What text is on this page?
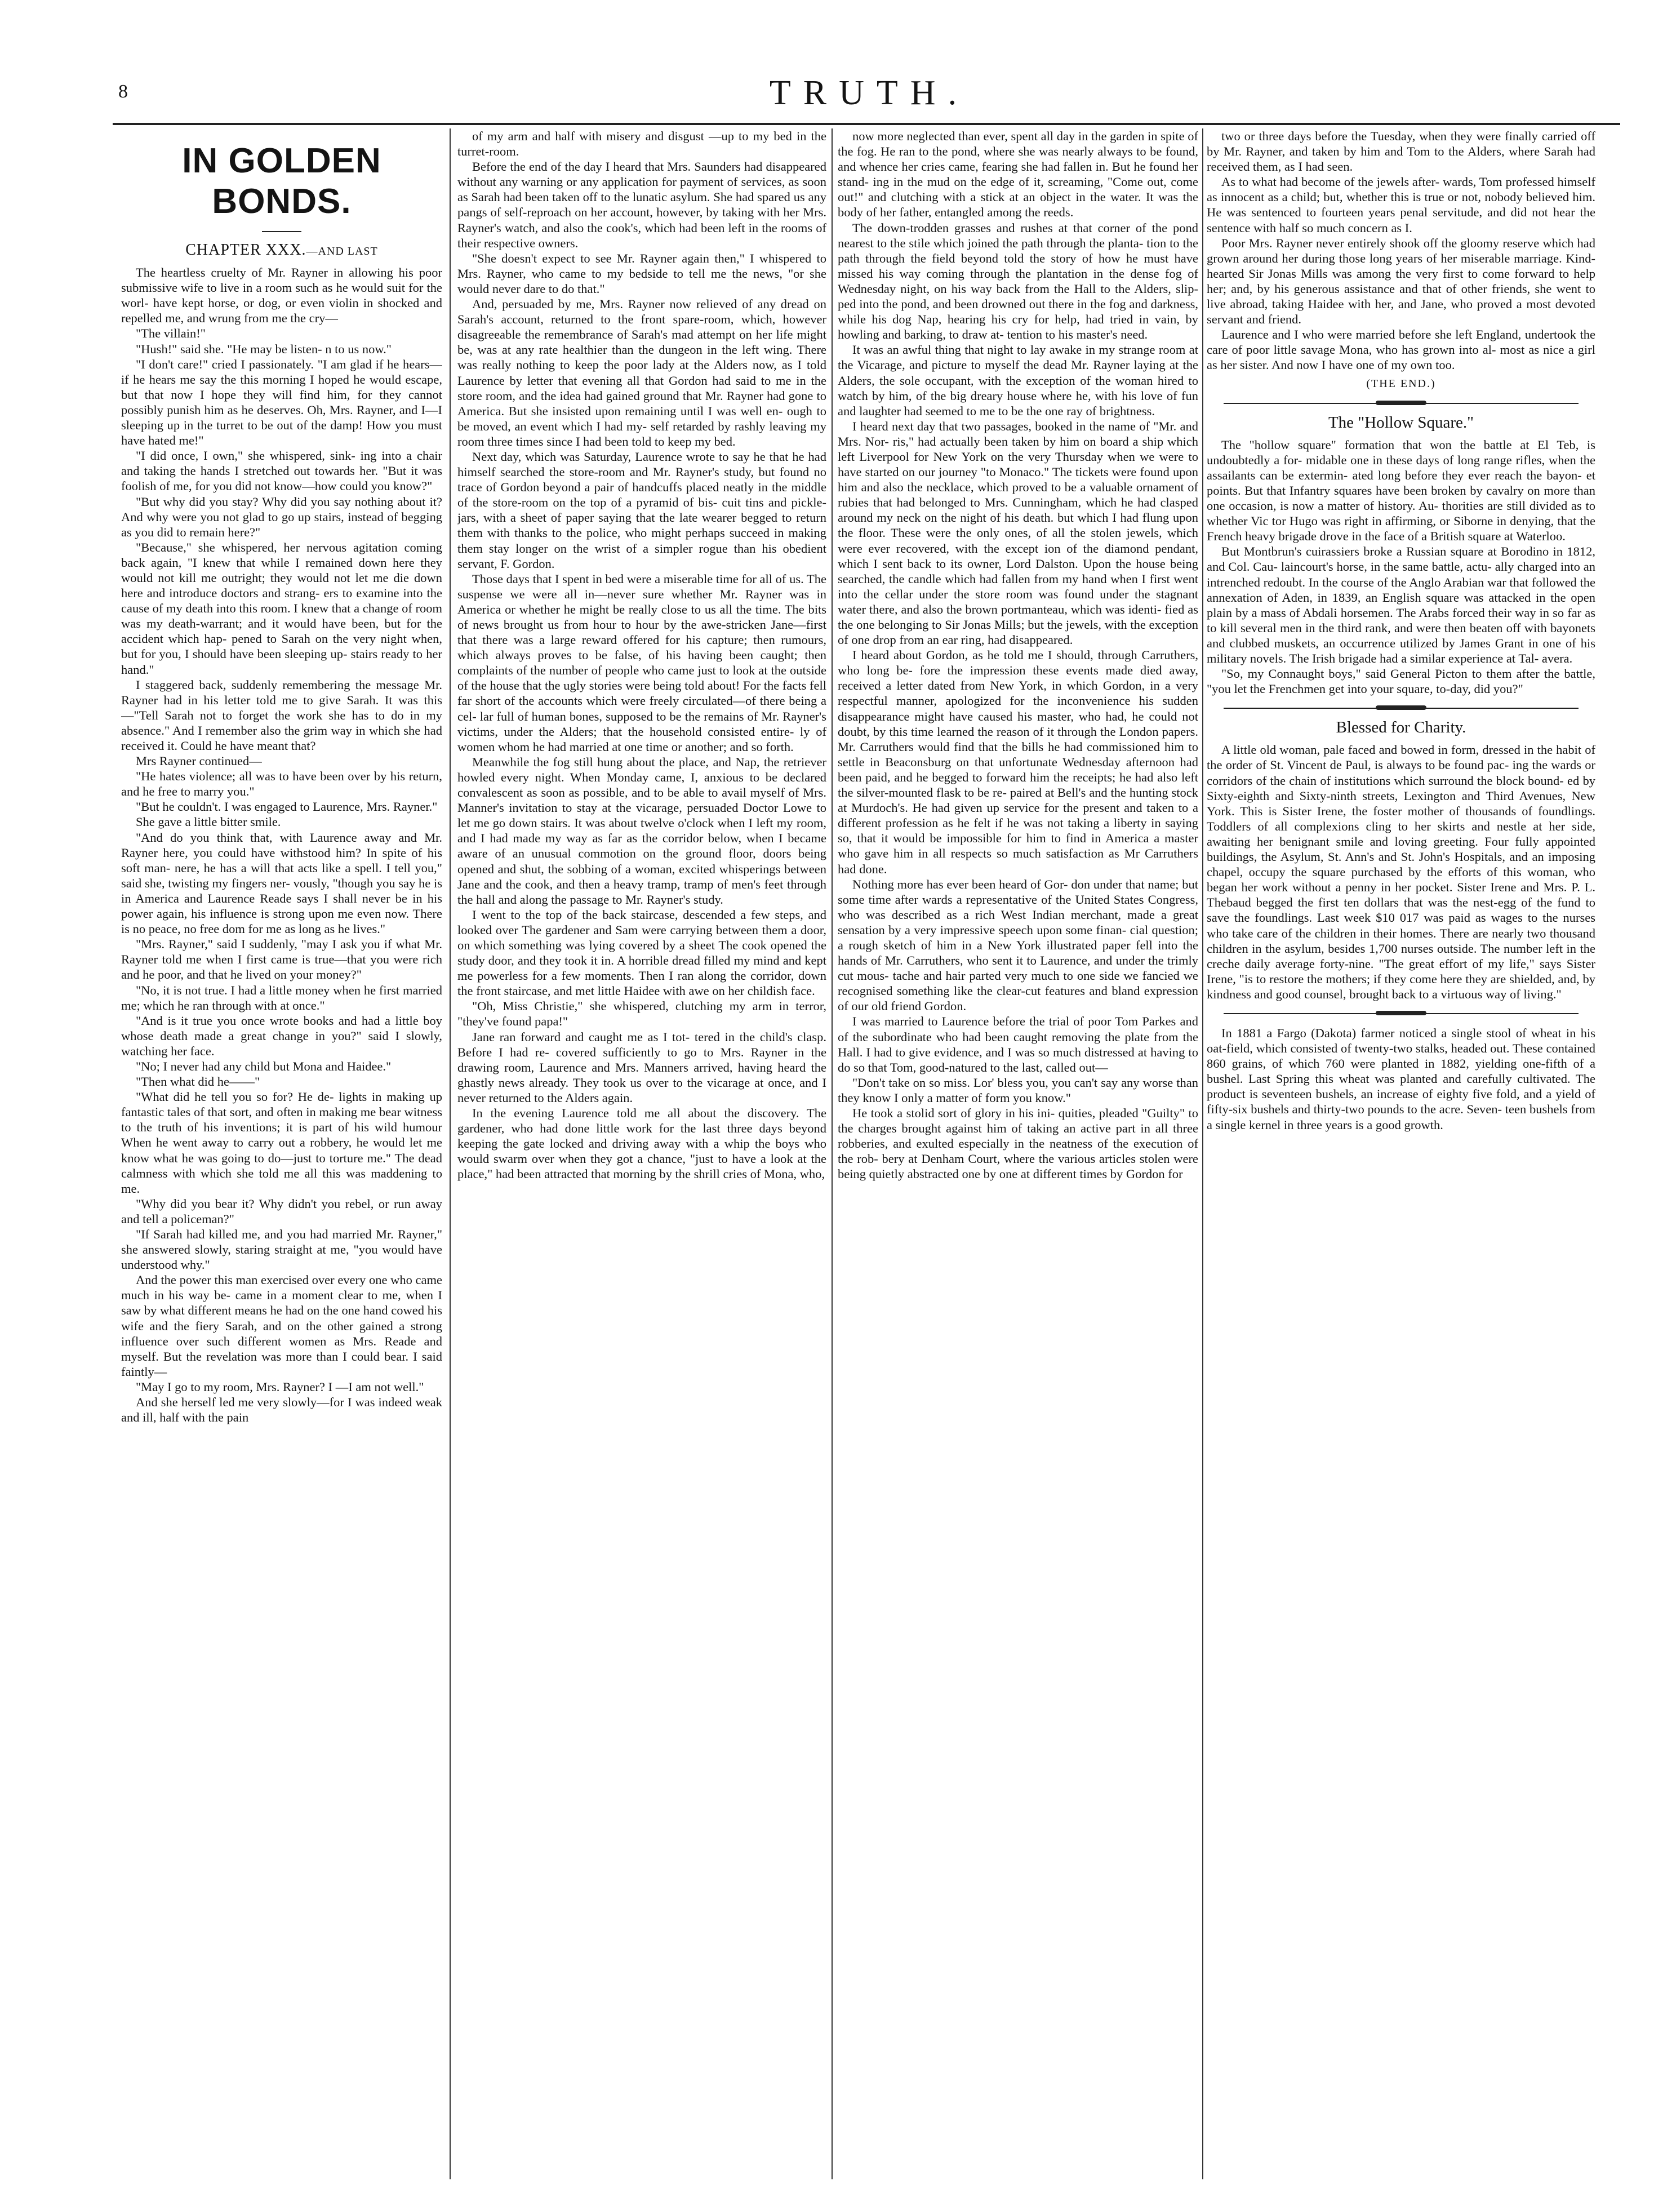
8	TRUTH.
IN GOLDEN BONDS.
CHAPTER XXX.—AND LAST

The heartless cruelty of Mr. Rayner in allowing his poor submissive wife to live in a room such as he would suit for the worl- have kept horse, or dog, or even violin in shocked and repelled me, and wrung from me the cry—

"The villain!"

"Hush!" said she. "He may be listen- n to us now."

"I don't care!" cried I passionately. "I am glad if he hears—if he hears me say the this morning I hoped he would escape, but that now I hope they will find him, for they cannot possibly punish him as he deserves. Oh, Mrs. Rayner, and I—I sleeping up in the turret to be out of the damp! How you must have hated me!"

"I did once, I own," she whispered, sink- ing into a chair and taking the hands I stretched out towards her. "But it was foolish of me, for you did not know—how could you know?"

"But why did you stay? Why did you say nothing about it? And why were you not glad to go up stairs, instead of begging as you did to remain here?"

"Because," she whispered, her nervous agitation coming back again, "I knew that while I remained down here they would not kill me outright; they would not let me die down here and introduce doctors and strang- ers to examine into the cause of my death into this room. I knew that a change of room was my death-warrant; and it would have been, but for the accident which hap- pened to Sarah on the very night when, but for you, I should have been sleeping up- stairs ready to her hand."

I staggered back, suddenly remembering the message Mr. Rayner had in his letter told me to give Sarah. It was this—"Tell Sarah not to forget the work she has to do in my absence." And I remember also the grim way in which she had received it. Could he have meant that?

Mrs Rayner continued—

"He hates violence; all was to have been over by his return, and he free to marry you."

"But he couldn't. I was engaged to Laurence, Mrs. Rayner."

She gave a little bitter smile.

"And do you think that, with Laurence away and Mr. Rayner here, you could have withstood him? In spite of his soft man- nere, he has a will that acts like a spell. I tell you," said she, twisting my fingers ner- vously, "though you say he is in America and Laurence Reade says I shall never be in his power again, his influence is strong upon me even now. There is no peace, no free dom for me as long as he lives."

"Mrs. Rayner," said I suddenly, "may I ask you if what Mr. Rayner told me when I first came is true—that you were rich and he poor, and that he lived on your money?"

"No, it is not true. I had a little money when he first married me; which he ran through with at once."

"And is it true you once wrote books and had a little boy whose death made a great change in you?" said I slowly, watching her face.

"No; I never had any child but Mona and Haidee."

"Then what did he——"

"What did he tell you so for? He de- lights in making up fantastic tales of that sort, and often in making me bear witness to the truth of his inventions; it is part of his wild humour When he went away to carry out a robbery, he would let me know what he was going to do—just to torture me." The dead calmness with which she told me all this was maddening to me.

"Why did you bear it? Why didn't you rebel, or run away and tell a policeman?"

"If Sarah had killed me, and you had married Mr. Rayner," she answered slowly, staring straight at me, "you would have understood why."

And the power this man exercised over every one who came much in his way be- came in a moment clear to me, when I saw by what different means he had on the one hand cowed his wife and the fiery Sarah, and on the other gained a strong influence over such different women as Mrs. Reade and myself. But the revelation was more than I could bear. I said faintly—

"May I go to my room, Mrs. Rayner? I —I am not well."

And she herself led me very slowly—for I was indeed weak and ill, half with the pain

of my arm and half with misery and disgust —up to my bed in the turret-room.

Before the end of the day I heard that Mrs. Saunders had disappeared without any warning or any application for payment of services, as soon as Sarah had been taken off to the lunatic asylum. She had spared us any pangs of self-reproach on her account, however, by taking with her Mrs. Rayner's watch, and also the cook's, which had been left in the rooms of their respective owners.

"She doesn't expect to see Mr. Rayner again then," I whispered to Mrs. Rayner, who came to my bedside to tell me the news, "or she would never dare to do that."

And, persuaded by me, Mrs. Rayner now relieved of any dread on Sarah's account, returned to the front spare-room, which, however disagreeable the remembrance of Sarah's mad attempt on her life might be, was at any rate healthier than the dungeon in the left wing. There was really nothing to keep the poor lady at the Alders now, as I told Laurence by letter that evening all that Gordon had said to me in the store room, and the idea had gained ground that Mr. Rayner had gone to America. But she insisted upon remaining until I was well en- ough to be moved, an event which I had my- self retarded by rashly leaving my room three times since I had been told to keep my bed.

Next day, which was Saturday, Laurence wrote to say he that he had himself searched the store-room and Mr. Rayner's study, but found no trace of Gordon beyond a pair of handcuffs placed neatly in the middle of the store-room on the top of a pyramid of bis- cuit tins and pickle-jars, with a sheet of paper saying that the late wearer begged to return them with thanks to the police, who might perhaps succeed in making them stay longer on the wrist of a simpler rogue than his obedient servant, F. Gordon.

Those days that I spent in bed were a miserable time for all of us. The suspense we were all in—never sure whether Mr. Rayner was in America or whether he might be really close to us all the time. The bits of news brought us from hour to hour by the awe-stricken Jane—first that there was a large reward offered for his capture; then rumours, which always proves to be false, of his having been caught; then complaints of the number of people who came just to look at the outside of the house that the ugly stories were being told about! For the facts fell far short of the accounts which were freely circulated—of there being a cel- lar full of human bones, supposed to be the remains of Mr. Rayner's victims, under the Alders; that the household consisted entire- ly of women whom he had married at one time or another; and so forth.

Meanwhile the fog still hung about the place, and Nap, the retriever howled every night. When Monday came, I, anxious to be declared convalescent as soon as possible, and to be able to avail myself of Mrs. Manner's invitation to stay at the vicarage, persuaded Doctor Lowe to let me go down stairs. It was about twelve o'clock when I left my room, and I had made my way as far as the corridor below, when I became aware of an unusual commotion on the ground floor, doors being opened and shut, the sobbing of a woman, excited whisperings between Jane and the cook, and then a heavy tramp, tramp of men's feet through the hall and along the passage to Mr. Rayner's study.

I went to the top of the back staircase, descended a few steps, and looked over The gardener and Sam were carrying between them a door, on which something was lying covered by a sheet The cook opened the study door, and they took it in. A horrible dread filled my mind and kept me powerless for a few moments. Then I ran along the corridor, down the front staircase, and met little Haidee with awe on her childish face.

"Oh, Miss Christie," she whispered, clutching my arm in terror, "they've found papa!"

Jane ran forward and caught me as I tot- tered in the child's clasp. Before I had re- covered sufficiently to go to Mrs. Rayner in the drawing room, Laurence and Mrs. Manners arrived, having heard the ghastly news already. They took us over to the vicarage at once, and I never returned to the Alders again.

In the evening Laurence told me all about the discovery. The gardener, who had done little work for the last three days beyond keeping the gate locked and driving away with a whip the boys who would swarm over when they got a chance, "just to have a look at the place," had been attracted that morning by the shrill cries of Mona, who,

now more neglected than ever, spent all day in the garden in spite of the fog. He ran to the pond, where she was nearly always to be found, and whence her cries came, fearing she had fallen in. But he found her stand- ing in the mud on the edge of it, screaming, "Come out, come out!" and clutching with a stick at an object in the water. It was the body of her father, entangled among the reeds.

The down-trodden grasses and rushes at that corner of the pond nearest to the stile which joined the path through the planta- tion to the path through the field beyond told the story of how he must have missed his way coming through the plantation in the dense fog of Wednesday night, on his way back from the Hall to the Alders, slip- ped into the pond, and been drowned out there in the fog and darkness, while his dog Nap, hearing his cry for help, had tried in vain, by howling and barking, to draw at- tention to his master's need.

It was an awful thing that night to lay awake in my strange room at the Vicarage, and picture to myself the dead Mr. Rayner laying at the Alders, the sole occupant, with the exception of the woman hired to watch by him, of the big dreary house where he, with his love of fun and laughter had seemed to me to be the one ray of brightness.

I heard next day that two passages, booked in the name of "Mr. and Mrs. Nor- ris," had actually been taken by him on board a ship which left Liverpool for New York on the very Thursday when we were to have started on our journey "to Monaco." The tickets were found upon him and also the necklace, which proved to be a valuable ornament of rubies that had belonged to Mrs. Cunningham, which he had clasped around my neck on the night of his death. but which I had flung upon the floor. These were the only ones, of all the stolen jewels, which were ever recovered, with the except ion of the diamond pendant, which I sent back to its owner, Lord Dalston. Upon the house being searched, the candle which had fallen from my hand when I first went into the cellar under the store room was found under the stagnant water there, and also the brown portmanteau, which was identi- fied as the one belonging to Sir Jonas Mills; but the jewels, with the exception of one drop from an ear ring, had disappeared.

I heard about Gordon, as he told me I should, through Carruthers, who long be- fore the impression these events made died away, received a letter dated from New York, in which Gordon, in a very respectful manner, apologized for the inconvenience his sudden disappearance might have caused his master, who had, he could not doubt, by this time learned the reason of it through the London papers. Mr. Carruthers would find that the bills he had commissioned him to settle in Beaconsburg on that unfortunate Wednesday afternoon had been paid, and he begged to forward him the receipts; he had also left the silver-mounted flask to be re- paired at Bell's and the hunting stock at Murdoch's. He had given up service for the present and taken to a different profession as he felt if he was not taking a liberty in saying so, that it would be impossible for him to find in America a master who gave him in all respects so much satisfaction as Mr Carruthers had done.

Nothing more has ever been heard of Gor- don under that name; but some time after wards a representative of the United States Congress, who was described as a rich West Indian merchant, made a great sensation by a very impressive speech upon some finan- cial question; a rough sketch of him in a New York illustrated paper fell into the hands of Mr. Carruthers, who sent it to Laurence, and under the trimly cut mous- tache and hair parted very much to one side we fancied we recognised something like the clear-cut features and bland expression of our old friend Gordon.

I was married to Laurence before the trial of poor Tom Parkes and of the subordinate who had been caught removing the plate from the Hall. I had to give evidence, and I was so much distressed at having to do so that Tom, good-natured to the last, called out—

"Don't take on so miss. Lor' bless you, you can't say any worse than they know I only a matter of form you know."

He took a stolid sort of glory in his ini- quities, pleaded "Guilty" to the charges brought against him of taking an active part in all three robberies, and exulted especially in the neatness of the execution of the rob- bery at Denham Court, where the various articles stolen were being quietly abstracted one by one at different times by Gordon for

two or three days before the Tuesday, when they were finally carried off by Mr. Rayner, and taken by him and Tom to the Alders, where Sarah had received them, as I had seen.

As to what had become of the jewels after- wards, Tom professed himself as innocent as a child; but, whether this is true or not, nobody believed him. He was sentenced to fourteen years penal servitude, and did not hear the sentence with half so much concern as I.

Poor Mrs. Rayner never entirely shook off the gloomy reserve which had grown around her during those long years of her miserable marriage. Kind-hearted Sir Jonas Mills was among the very first to come forward to help her; and, by his generous assistance and that of other friends, she went to live abroad, taking Haidee with her, and Jane, who proved a most devoted servant and friend.

Laurence and I who were married before she left England, undertook the care of poor little savage Mona, who has grown into al- most as nice a girl as her sister. And now I have one of my own too.

(THE END.)
The "Hollow Square."

The "hollow square" formation that won the battle at El Teb, is undoubtedly a for- midable one in these days of long range rifles, when the assailants can be extermin- ated long before they ever reach the bayon- et points. But that Infantry squares have been broken by cavalry on more than one occasion, is now a matter of history. Au- thorities are still divided as to whether Vic tor Hugo was right in affirming, or Siborne in denying, that the French heavy brigade drove in the face of a British square at Waterloo.

But Montbrun's cuirassiers broke a Russian square at Borodino in 1812, and Col. Cau- laincourt's horse, in the same battle, actu- ally charged into an intrenched redoubt. In the course of the Anglo Arabian war that followed the annexation of Aden, in 1839, an English square was attacked in the open plain by a mass of Abdali horsemen. The Arabs forced their way in so far as to kill several men in the third rank, and were then beaten off with bayonets and clubbed muskets, an occurrence utilized by James Grant in one of his military novels. The Irish brigade had a similar experience at Tal- avera.

"So, my Connaught boys," said General Picton to them after the battle, "you let the Frenchmen get into your square, to-day, did you?"

Blessed for Charity.

A little old woman, pale faced and bowed in form, dressed in the habit of the order of St. Vincent de Paul, is always to be found pac- ing the wards or corridors of the chain of institutions which surround the block bound- ed by Sixty-eighth and Sixty-ninth streets, Lexington and Third Avenues, New York. This is Sister Irene, the foster mother of thousands of foundlings. Toddlers of all complexions cling to her skirts and nestle at her side, awaiting her benignant smile and loving greeting. Four fully appointed buildings, the Asylum, St. Ann's and St. John's Hospitals, and an imposing chapel, occupy the square purchased by the efforts of this woman, who began her work without a penny in her pocket. Sister Irene and Mrs. P. L. Thebaud begged the first ten dollars that was the nest-egg of the fund to save the foundlings. Last week $10 017 was paid as wages to the nurses who take care of the children in their homes. There are nearly two thousand children in the asylum, besides 1,700 nurses outside. The number left in the creche daily average forty-nine. "The great effort of my life," says Sister Irene, "is to restore the mothers; if they come here they are shielded, and, by kindness and good counsel, brought back to a virtuous way of living."

In 1881 a Fargo (Dakota) farmer noticed a single stool of wheat in his oat-field, which consisted of twenty-two stalks, headed out. These contained 860 grains, of which 760 were planted in 1882, yielding one-fifth of a bushel. Last Spring this wheat was planted and carefully cultivated. The product is seventeen bushels, an increase of eighty five fold, and a yield of fifty-six bushels and thirty-two pounds to the acre. Seven- teen bushels from a single kernel in three years is a good growth.
